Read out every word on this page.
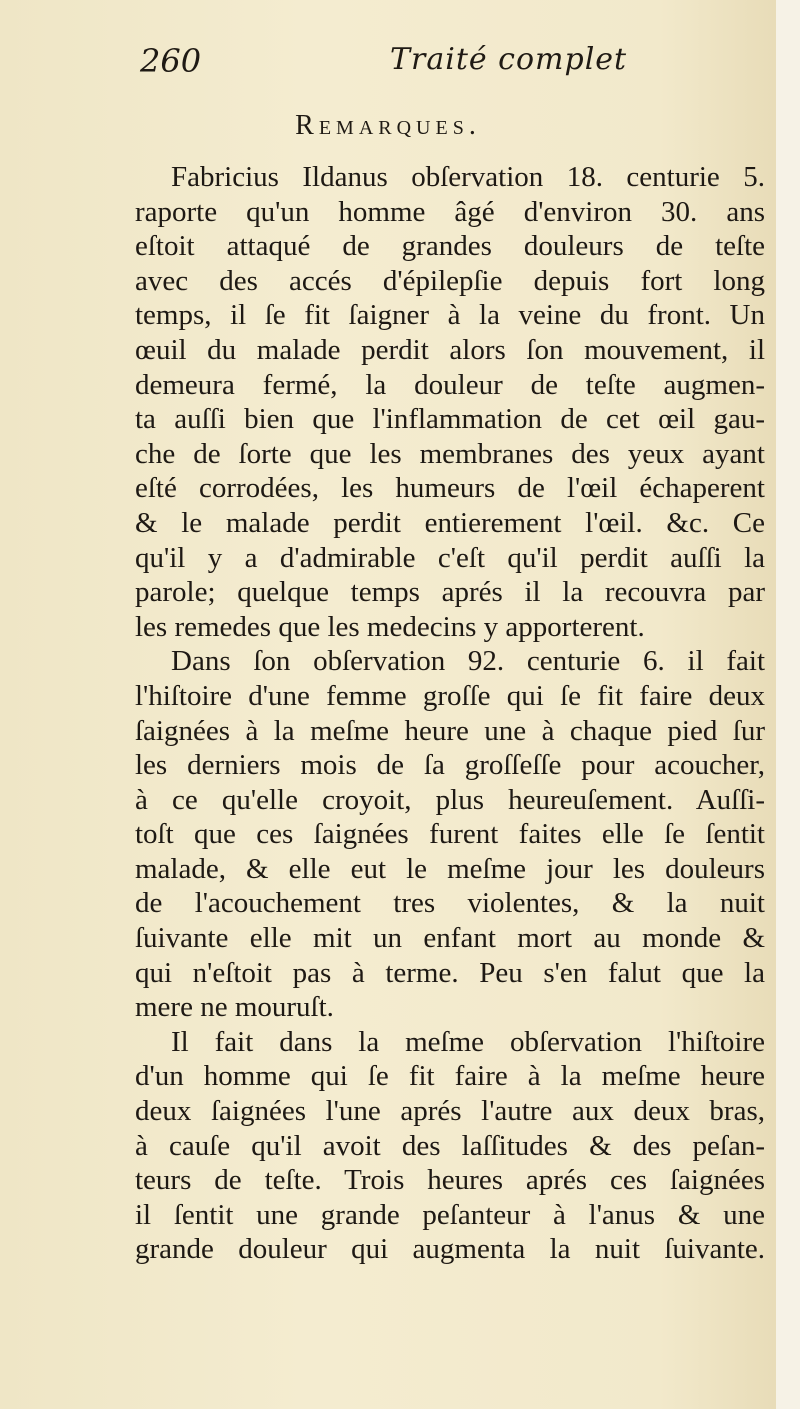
260	Traité complet
Remarques.
Fabricius Ildanus obſervation 18. centurie 5.
raporte qu'un homme âgé d'environ 30. ans
eſtoit attaqué de grandes douleurs de teſte
avec des accés d'épilepſie depuis fort long
temps, il ſe fit ſaigner à la veine du front. Un
œuil du malade perdit alors ſon mouvement, il
demeura fermé, la douleur de teſte augmen-
ta auſſi bien que l'inflammation de cet œil gau-
che de ſorte que les membranes des yeux ayant
eſté corrodées, les humeurs de l'œil échaperent
& le malade perdit entierement l'œil. &c. Ce
qu'il y a d'admirable c'eſt qu'il perdit auſſi la
parole; quelque temps aprés il la recouvra par
les remedes que les medecins y apporterent.
Dans ſon obſervation 92. centurie 6. il fait
l'hiſtoire d'une femme groſſe qui ſe fit faire deux
ſaignées à la meſme heure une à chaque pied ſur
les derniers mois de ſa groſſeſſe pour acoucher,
à ce qu'elle croyoit, plus heureuſement. Auſſi-
toſt que ces ſaignées furent faites elle ſe ſentit
malade, & elle eut le meſme jour les douleurs
de l'acouchement tres violentes, & la nuit
ſuivante elle mit un enfant mort au monde &
qui n'eſtoit pas à terme. Peu s'en falut que la
mere ne mouruſt.
Il fait dans la meſme obſervation l'hiſtoire
d'un homme qui ſe fit faire à la meſme heure
deux ſaignées l'une aprés l'autre aux deux bras,
à cauſe qu'il avoit des laſſitudes & des peſan-
teurs de teſte. Trois heures aprés ces ſaignées
il ſentit une grande peſanteur à l'anus & une
grande douleur qui augmenta la nuit ſuivante.
